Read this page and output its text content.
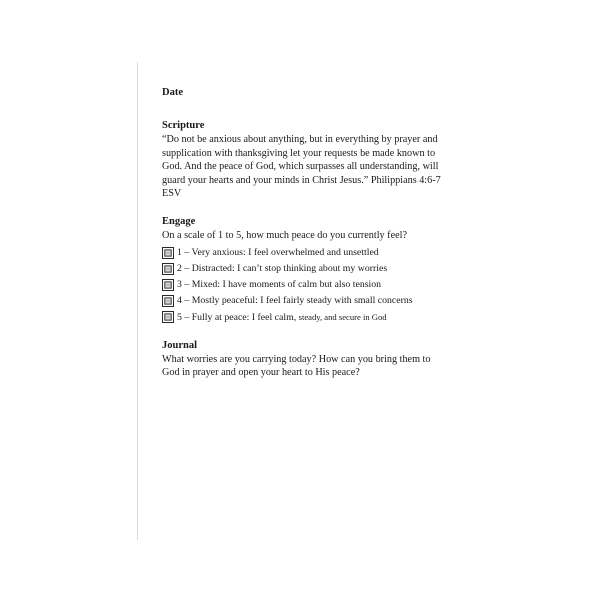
Date

Scripture

“Do not be anxious about anything, but in everything by prayer and supplication with thanksgiving let your requests be made known to God. And the peace of God, which surpasses all understanding, will guard your hearts and your minds in Christ Jesus.” Philippians 4:6-7 ESV

Engage

On a scale of 1 to 5, how much peace do you currently feel?

1 – Very anxious: I feel overwhelmed and unsettled
2 – Distracted: I can’t stop thinking about my worries
3 – Mixed: I have moments of calm but also tension
4 – Mostly peaceful: I feel fairly steady with small concerns
5 – Fully at peace: I feel calm, steady, and secure in God

Journal

What worries are you carrying today? How can you bring them to God in prayer and open your heart to His peace?
